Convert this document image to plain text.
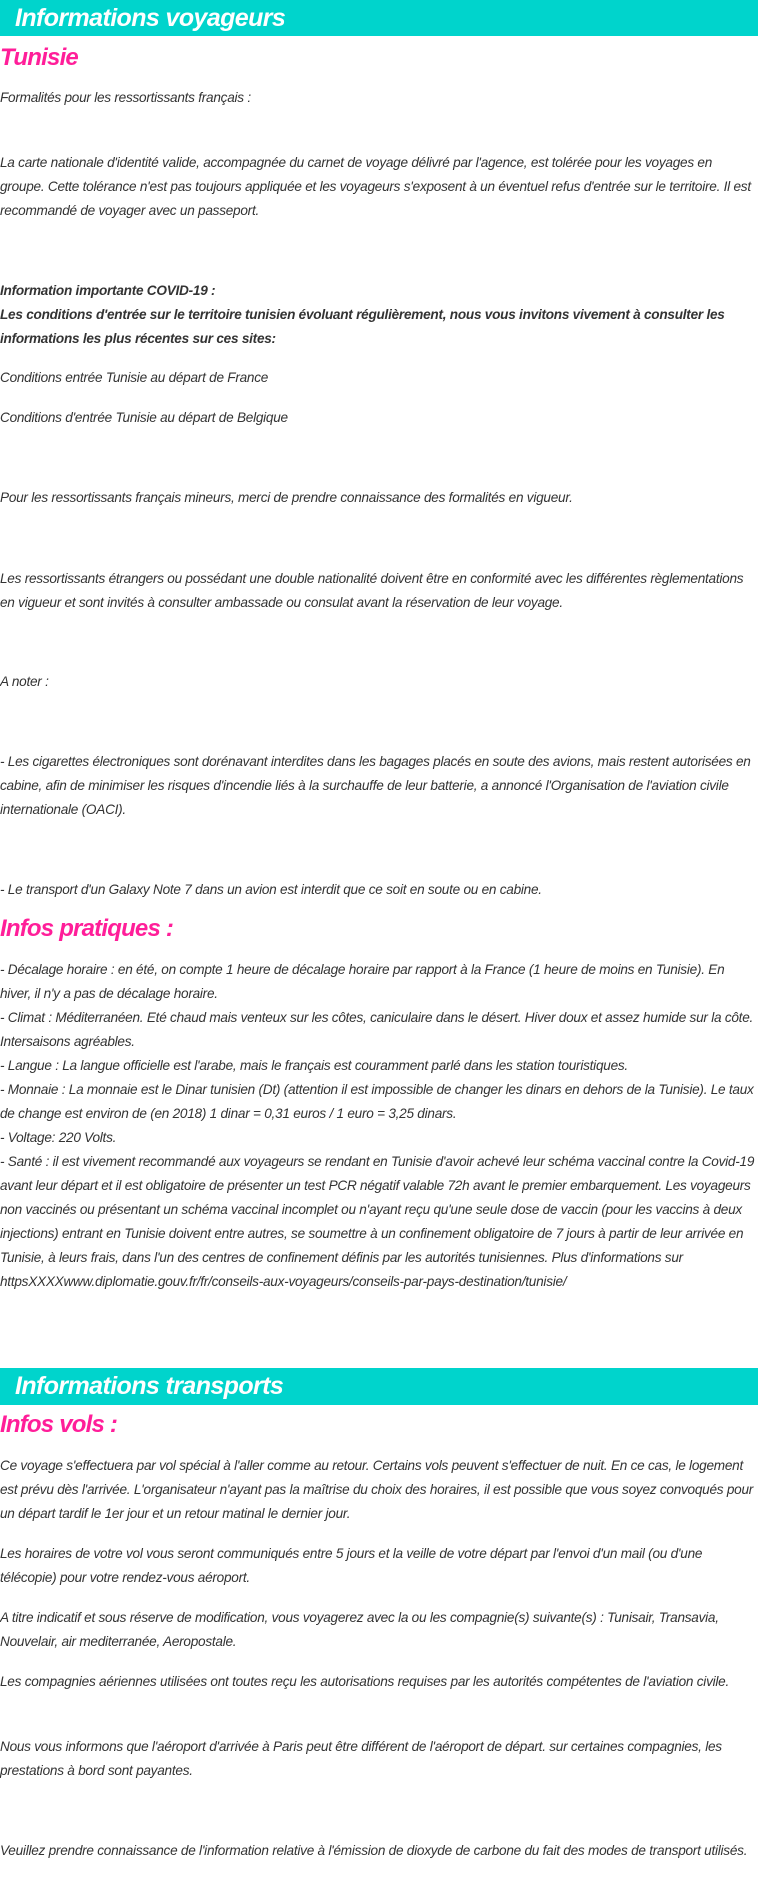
Informations voyageurs
Tunisie

Formalités pour les ressortissants français :

La carte nationale d'identité valide, accompagnée du carnet de voyage délivré par l'agence, est tolérée pour les voyages en groupe. Cette tolérance n'est pas toujours appliquée et les voyageurs s'exposent à un éventuel refus d'entrée sur le territoire. Il est recommandé de voyager avec un passeport.

Information importante COVID-19 :
Les conditions d'entrée sur le territoire tunisien évoluant régulièrement, nous vous invitons vivement à consulter les informations les plus récentes sur ces sites:

Conditions entrée Tunisie au départ de France

Conditions d'entrée Tunisie au départ de Belgique

Pour les ressortissants français mineurs, merci de prendre connaissance des formalités en vigueur.

Les ressortissants étrangers ou possédant une double nationalité doivent être en conformité avec les différentes règlementations en vigueur et sont invités à consulter ambassade ou consulat avant la réservation de leur voyage.

A noter :

- Les cigarettes électroniques sont dorénavant interdites dans les bagages placés en soute des avions, mais restent autorisées en cabine, afin de minimiser les risques d'incendie liés à la surchauffe de leur batterie, a annoncé l'Organisation de l'aviation civile internationale (OACI).

- Le transport d'un Galaxy Note 7 dans un avion est interdit que ce soit en soute ou en cabine.

Infos pratiques :
- Décalage horaire : en été, on compte 1 heure de décalage horaire par rapport à la France (1 heure de moins en Tunisie). En hiver, il n'y a pas de décalage horaire.
- Climat : Méditerranéen. Eté chaud mais venteux sur les côtes, caniculaire dans le désert. Hiver doux et assez humide sur la côte. Intersaisons agréables.
- Langue : La langue officielle est l'arabe, mais le français est couramment parlé dans les station touristiques.
- Monnaie : La monnaie est le Dinar tunisien (Dt) (attention il est impossible de changer les dinars en dehors de la Tunisie). Le taux de change est environ de (en 2018) 1 dinar = 0,31 euros / 1 euro = 3,25 dinars.
- Voltage: 220 Volts.
- Santé : il est vivement recommandé aux voyageurs se rendant en Tunisie d'avoir achevé leur schéma vaccinal contre la Covid-19 avant leur départ et il est obligatoire de présenter un test PCR négatif valable 72h avant le premier embarquement. Les voyageurs non vaccinés ou présentant un schéma vaccinal incomplet ou n'ayant reçu qu'une seule dose de vaccin (pour les vaccins à deux injections) entrant en Tunisie doivent entre autres, se soumettre à un confinement obligatoire de 7 jours à partir de leur arrivée en Tunisie, à leurs frais, dans l'un des centres de confinement définis par les autorités tunisiennes. Plus d'informations sur httpsXXXXwww.diplomatie.gouv.fr/fr/conseils-aux-voyageurs/conseils-par-pays-destination/tunisie/
Informations transports
Infos vols :

Ce voyage s'effectuera par vol spécial à l'aller comme au retour. Certains vols peuvent s'effectuer de nuit. En ce cas, le logement est prévu dès l'arrivée. L'organisateur n'ayant pas la maîtrise du choix des horaires, il est possible que vous soyez convoqués pour un départ tardif le 1er jour et un retour matinal le dernier jour.

Les horaires de votre vol vous seront communiqués entre 5 jours et la veille de votre départ par l'envoi d'un mail (ou d'une télécopie) pour votre rendez-vous aéroport.

A titre indicatif et sous réserve de modification, vous voyagerez avec la ou les compagnie(s) suivante(s) : Tunisair, Transavia, Nouvelair, air mediterranée, Aeropostale.

Les compagnies aériennes utilisées ont toutes reçu les autorisations requises par les autorités compétentes de l'aviation civile.

Nous vous informons que l'aéroport d'arrivée à Paris peut être différent de l'aéroport de départ. sur certaines compagnies, les prestations à bord sont payantes.

Veuillez prendre connaissance de l'information relative à l'émission de dioxyde de carbone du fait des modes de transport utilisés.
